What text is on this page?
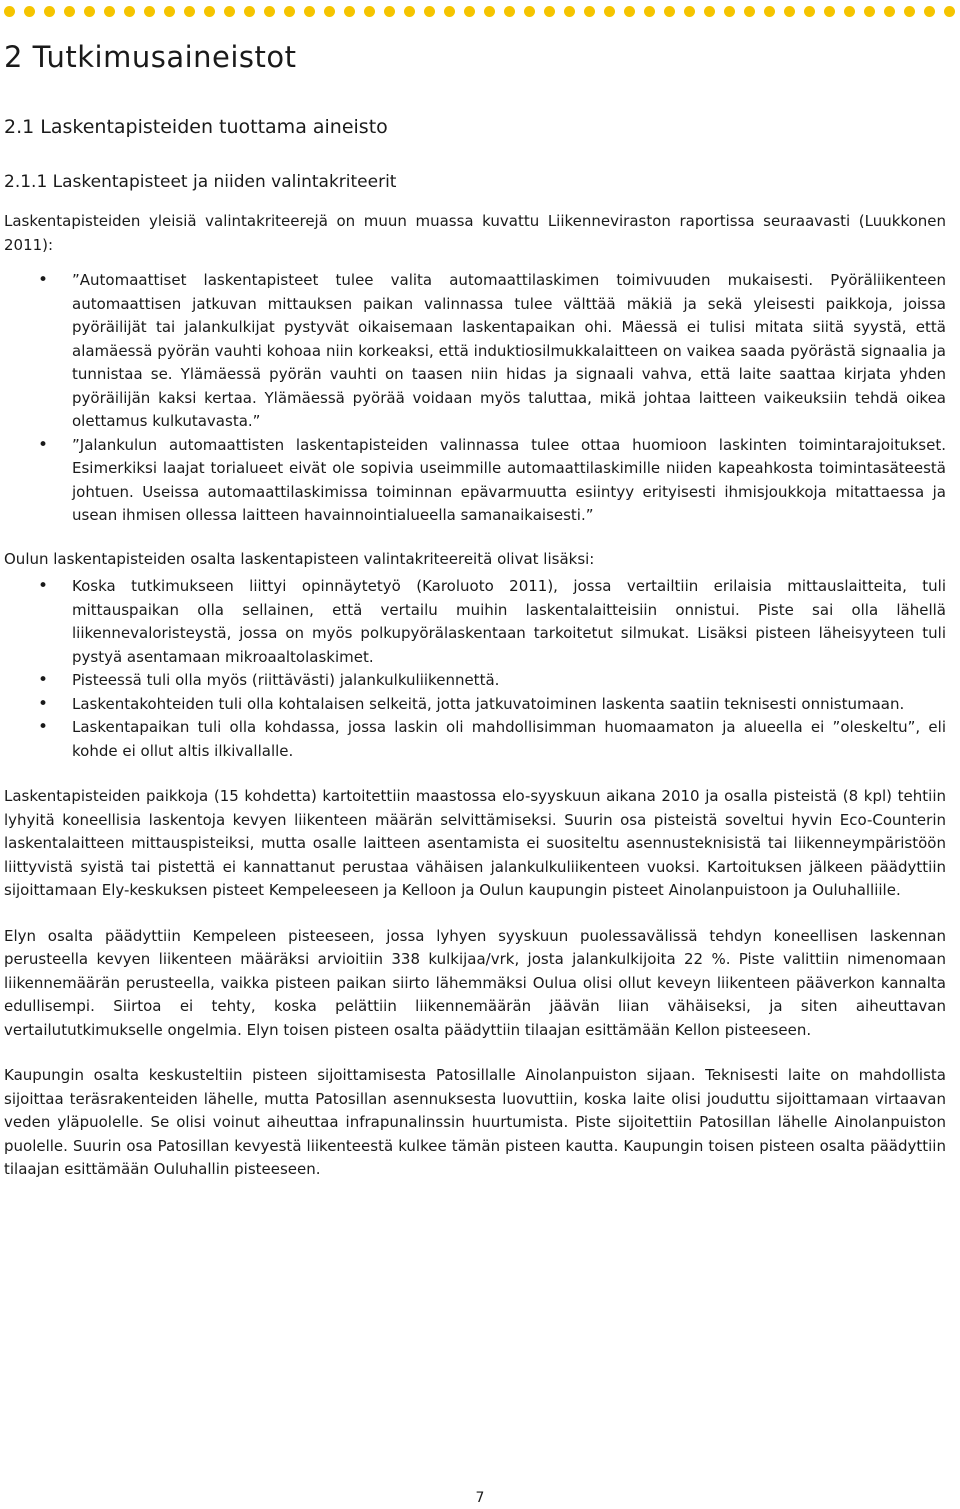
2 Tutkimusaineistot
2.1 Laskentapisteiden tuottama aineisto
2.1.1 Laskentapisteet ja niiden valintakriteerit

Laskentapisteiden yleisiä valintakriteerejä on muun muassa kuvattu Liikenneviraston raportissa seuraavasti (Luukkonen 2011):

• ”Automaattiset laskentapisteet tulee valita automaattilaskimen toimivuuden mukaisesti. Pyöräliikenteen automaattisen jatkuvan mittauksen paikan valinnassa tulee välttää mäkiä ja sekä yleisesti paikkoja, joissa pyöräilijät tai jalankulkijat pystyvät oikaisemaan laskentapaikan ohi. Mäessä ei tulisi mitata siitä syystä, että alamäessä pyörän vauhti kohoaa niin korkeaksi, että induktiosilmukkalaitteen on vaikea saada pyörästä signaalia ja tunnistaa se. Ylämäessä pyörän vauhti on taasen niin hidas ja signaali vahva, että laite saattaa kirjata yhden pyöräilijän kaksi kertaa. Ylämäessä pyörää voidaan myös taluttaa, mikä johtaa laitteen vaikeuksiin tehdä oikea olettamus kulkutavasta.”
• ”Jalankulun automaattisten laskentapisteiden valinnassa tulee ottaa huomioon laskinten toimintarajoitukset. Esimerkiksi laajat torialueet eivät ole sopivia useimmille automaattilaskimille niiden kapeahkosta toimintasäteestä johtuen. Useissa automaattilaskimissa toiminnan epävarmuutta esiintyy erityisesti ihmisjoukkoja mitattaessa ja usean ihmisen ollessa laitteen havainnointialueella samanaikaisesti.”

Oulun laskentapisteiden osalta laskentapisteen valintakriteereitä olivat lisäksi:

• Koska tutkimukseen liittyi opinnäytetyö (Karoluoto 2011), jossa vertailtiin erilaisia mittauslaitteita, tuli mittauspaikan olla sellainen, että vertailu muihin laskentalaitteisiin onnistui. Piste sai olla lähellä liikennevaloristeystä, jossa on myös polkupyörälaskentaan tarkoitetut silmukat. Lisäksi pisteen läheisyyteen tuli pystyä asentamaan mikroaaltolaskimet.
• Pisteessä tuli olla myös (riittävästi) jalankulkuliikennettä.
• Laskentakohteiden tuli olla kohtalaisen selkeitä, jotta jatkuvatoiminen laskenta saatiin teknisesti onnistumaan.
• Laskentapaikan tuli olla kohdassa, jossa laskin oli mahdollisimman huomaamaton ja alueella ei ”oleskeltu”, eli kohde ei ollut altis ilkivallalle.

Laskentapisteiden paikkoja (15 kohdetta) kartoitettiin maastossa elo-syyskuun aikana 2010 ja osalla pisteistä (8 kpl) tehtiin lyhyitä koneellisia laskentoja kevyen liikenteen määrän selvittämiseksi. Suurin osa pisteistä soveltui hyvin Eco-Counterin laskentalaitteen mittauspisteiksi, mutta osalle laitteen asentamista ei suositeltu asennusteknisistä tai liikenneympäristöön liittyvistä syistä tai pistettä ei kannattanut perustaa vähäisen jalankulkuliikenteen vuoksi. Kartoituksen jälkeen päädyttiin sijoittamaan Ely-keskuksen pisteet Kempeleeseen ja Kelloon ja Oulun kaupungin pisteet Ainolanpuistoon ja Ouluhalliile.

Elyn osalta päädyttiin Kempeleen pisteeseen, jossa lyhyen syyskuun puolessavälissä tehdyn koneellisen laskennan perusteella kevyen liikenteen määräksi arvioitiin 338 kulkijaa/vrk, josta jalankulkijoita 22 %. Piste valittiin nimenomaan liikennemäärän perusteella, vaikka pisteen paikan siirto lähemmäksi Oulua olisi ollut keveyn liikenteen pääverkon kannalta edullisempi. Siirtoa ei tehty, koska pelättiin liikennemäärän jäävän liian vähäiseksi, ja siten aiheuttavan vertailututkimukselle ongelmia. Elyn toisen pisteen osalta päädyttiin tilaajan esittämään Kellon pisteeseen.

Kaupungin osalta keskusteltiin pisteen sijoittamisesta Patosillalle Ainolanpuiston sijaan. Teknisesti laite on mahdollista sijoittaa teräsrakenteiden lähelle, mutta Patosillan asennuksesta luovuttiin, koska laite olisi jouduttu sijoittamaan virtaavan veden yläpuolelle. Se olisi voinut aiheuttaa infrapunalinssin huurtumista. Piste sijoitettiin Patosillan lähelle Ainolanpuiston puolelle. Suurin osa Patosillan kevyestä liikenteestä kulkee tämän pisteen kautta. Kaupungin toisen pisteen osalta päädyttiin tilaajan esittämään Ouluhallin pisteeseen.

7
